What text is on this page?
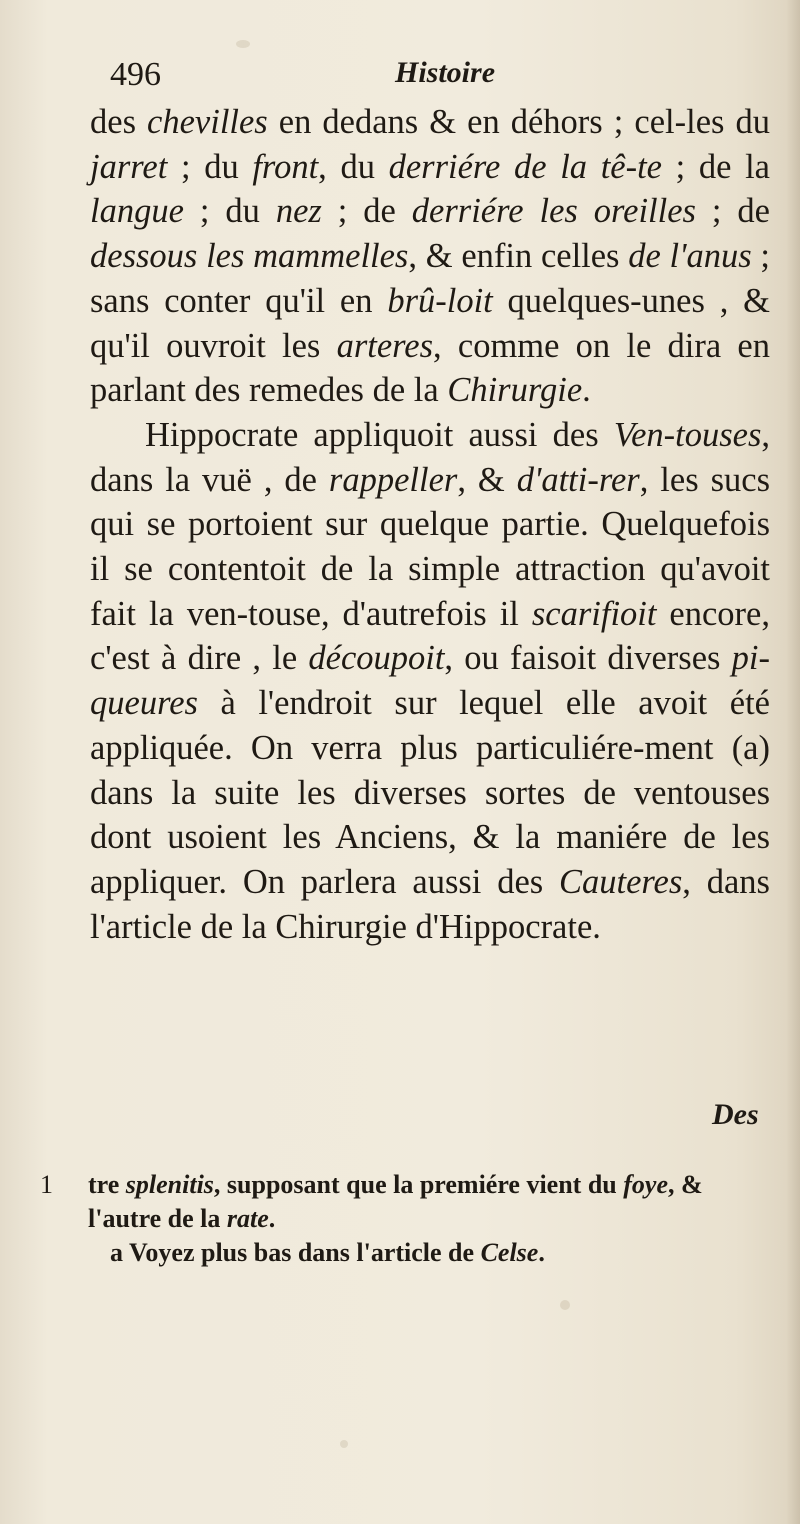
496	Histoire

des chevilles en dedans & en déhors ; cel-les du jarret ; du front, du derriére de la tê-te ; de la langue ; du nez ; de derriére les oreilles ; de dessous les mammelles, & enfin celles de l'anus ; sans conter qu'il en brû-loit quelques-unes , & qu'il ouvroit les arteres, comme on le dira en parlant des remedes de la Chirurgie.

Hippocrate appliquoit aussi des Ven-touses, dans la vuë , de rappeller, & d'atti-rer, les sucs qui se portoient sur quelque partie. Quelquefois il se contentoit de la simple attraction qu'avoit fait la ven-touse, d'autrefois il scarifioit encore, c'est à dire , le découpoit, ou faisoit diverses pi-queures à l'endroit sur lequel elle avoit été appliquée. On verra plus particuliére-ment (a) dans la suite les diverses sortes de ventouses dont usoient les Anciens, & la maniére de les appliquer. On parlera aussi des Cauteres, dans l'article de la Chirurgie d'Hippocrate.

Des

1 tre splenitis, supposant que la premiére vient du foye, & l'autre de la rate.

a Voyez plus bas dans l'article de Celse.
